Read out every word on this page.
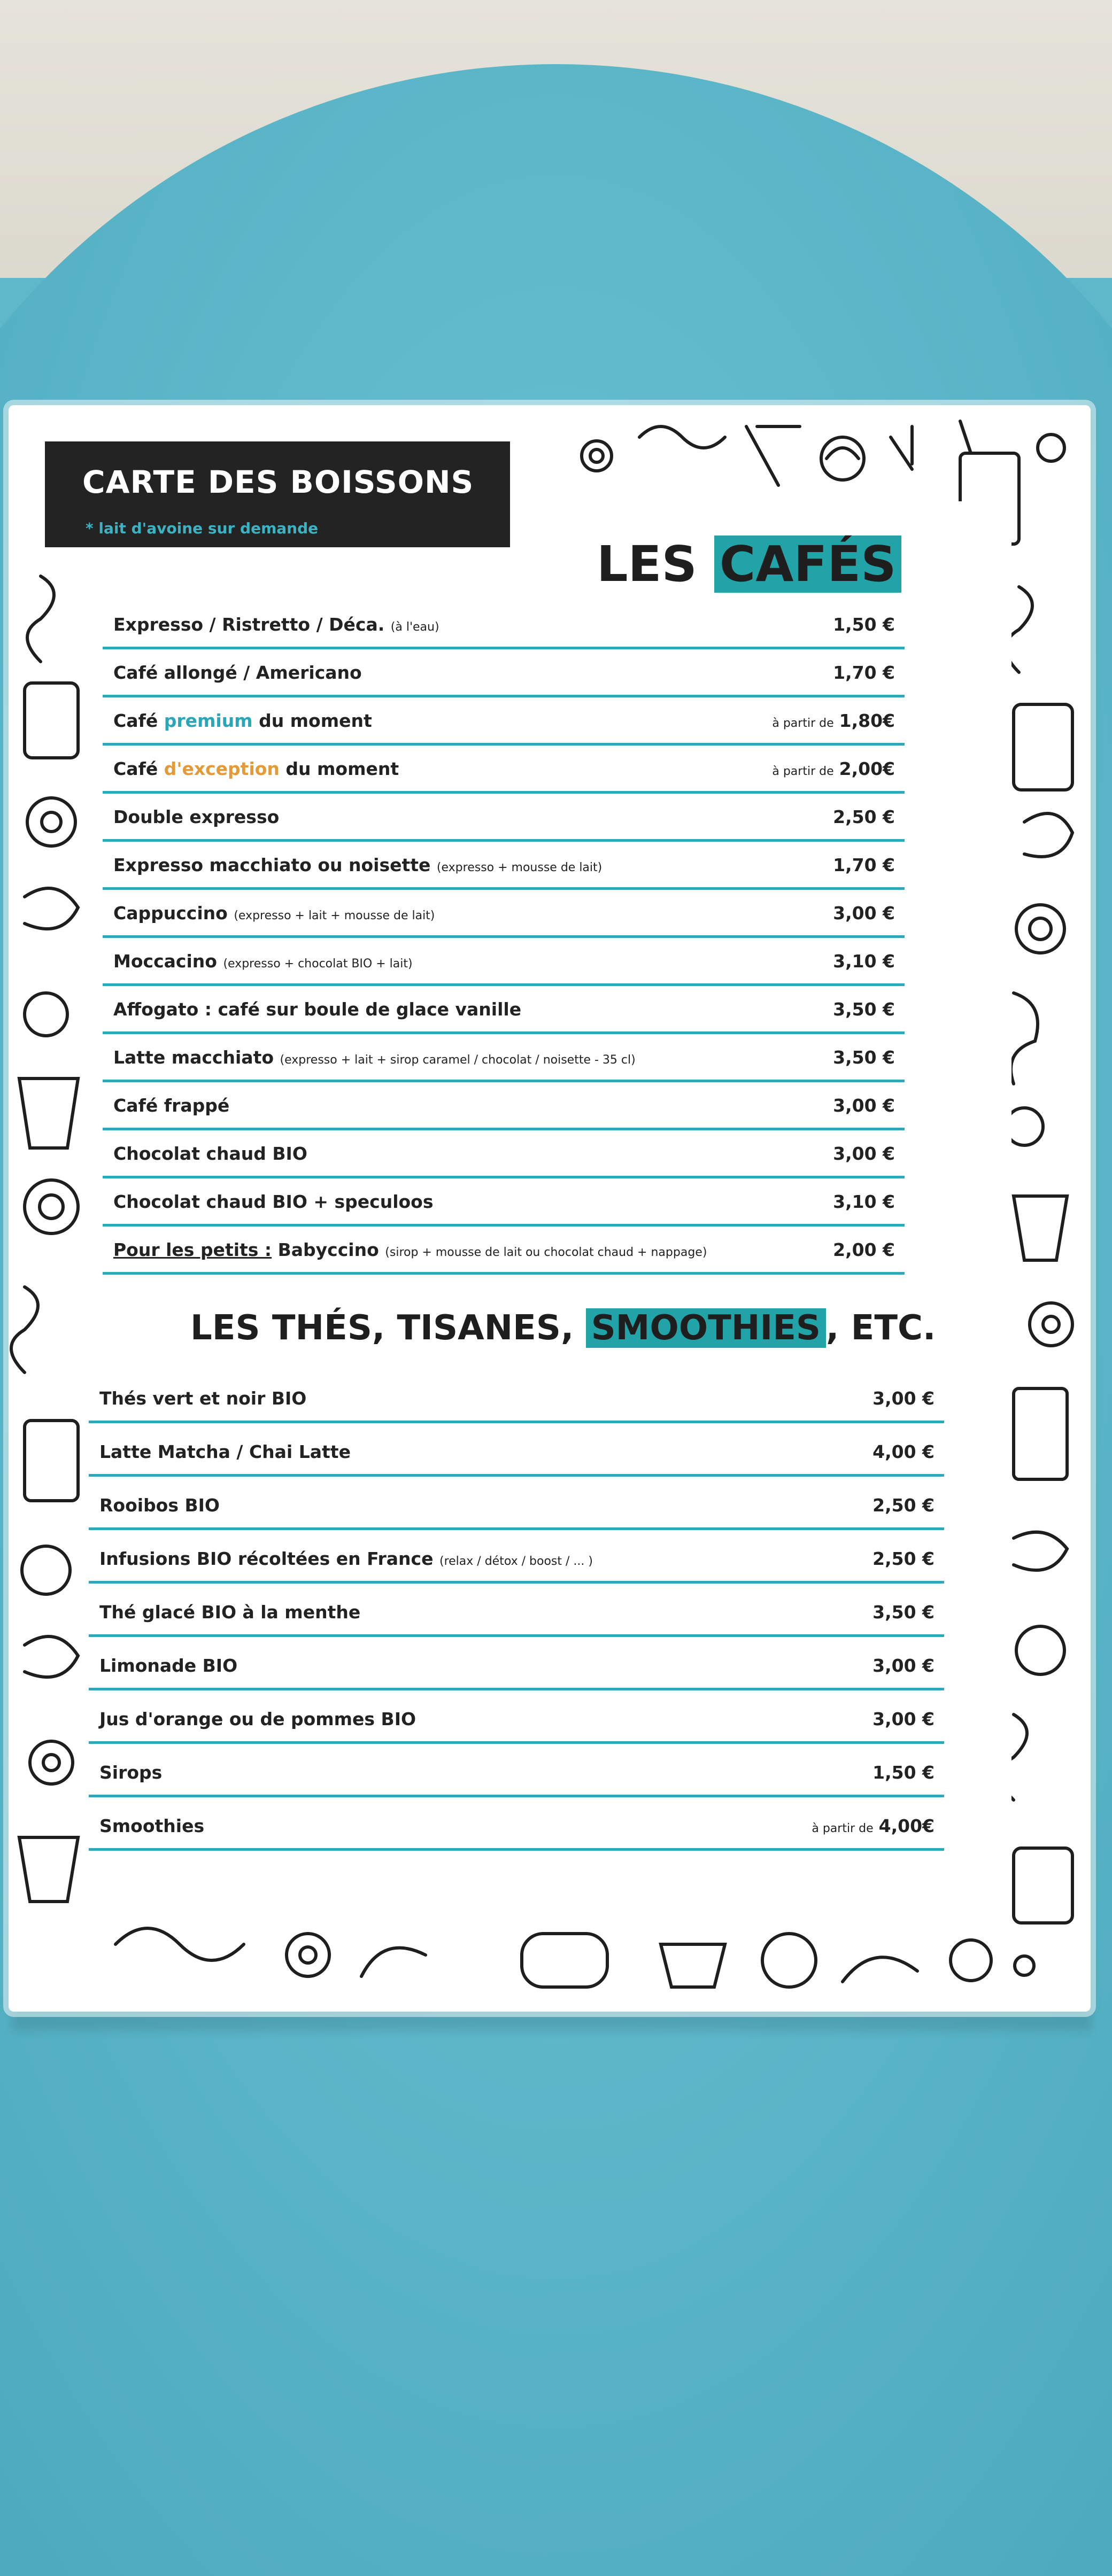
CARTE DES BOISSONS
* lait d'avoine sur demande
LES CAFÉS
Expresso / Ristretto / Déca. (à l'eau)	1,50 €
Café allongé / Americano	1,70 €
Café premium du moment	à partir de 1,80€
Café d'exception du moment	à partir de 2,00€
Double expresso	2,50 €
Expresso macchiato ou noisette (expresso + mousse de lait)	1,70 €
Cappuccino (expresso + lait + mousse de lait)	3,00 €
Moccacino (expresso + chocolat BIO + lait)	3,10 €
Affogato : café sur boule de glace vanille	3,50 €
Latte macchiato (expresso + lait + sirop caramel / chocolat / noisette - 35 cl)	3,50 €
Café frappé	3,00 €
Chocolat chaud BIO	3,00 €
Chocolat chaud BIO + speculoos	3,10 €
Pour les petits : Babyccino (sirop + mousse de lait ou chocolat chaud + nappage)	2,00 €
LES THÉS, TISANES, SMOOTHIES , ETC.
Thés vert et noir BIO	3,00 €
Latte Matcha / Chai Latte	4,00 €
Rooibos BIO	2,50 €
Infusions BIO récoltées en France (relax / détox / boost / ... )	2,50 €
Thé glacé BIO à la menthe	3,50 €
Limonade BIO	3,00 €
Jus d'orange ou de pommes BIO	3,00 €
Sirops	1,50 €
Smoothies	à partir de 4,00€
